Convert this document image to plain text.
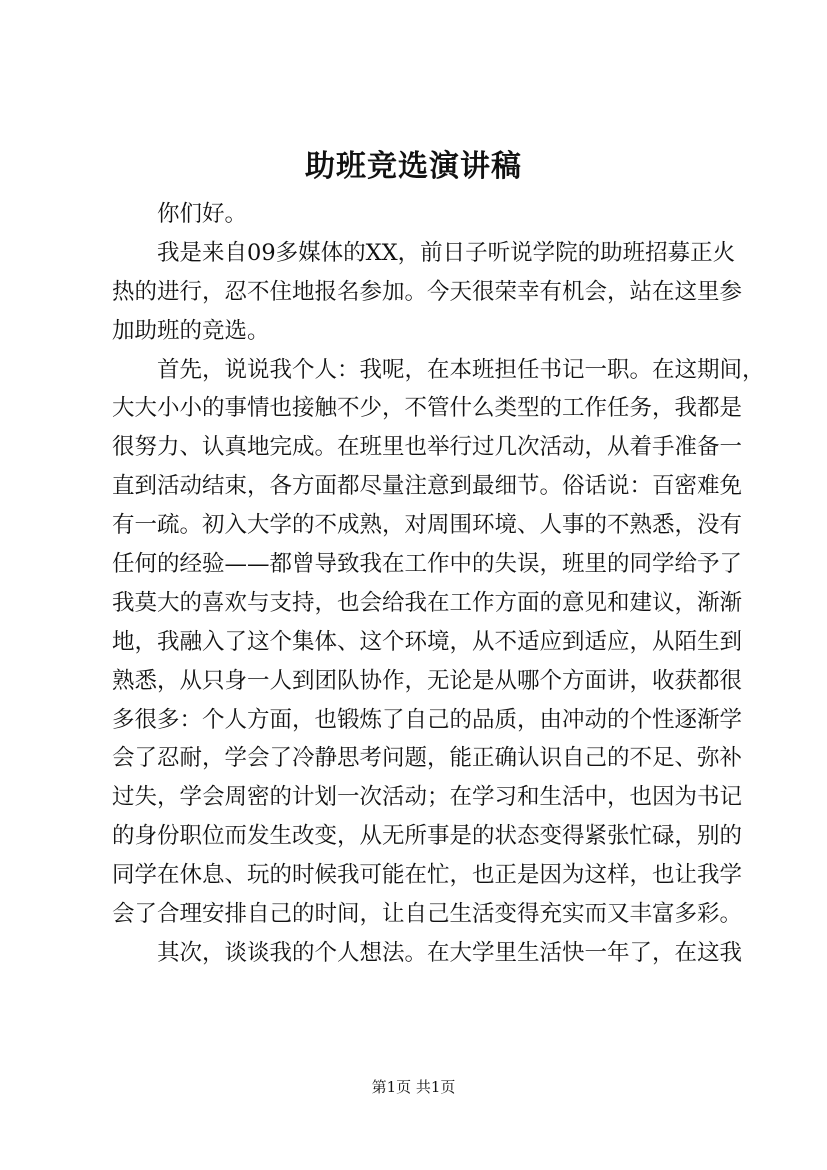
助班竞选演讲稿
你们好。
我是来自09多媒体的XX，前日子听说学院的助班招募正火
热的进行，忍不住地报名参加。今天很荣幸有机会，站在这里参
加助班的竞选。
首先，说说我个人：我呢，在本班担任书记一职。在这期间，
大大小小的事情也接触不少，不管什么类型的工作任务，我都是
很努力、认真地完成。在班里也举行过几次活动，从着手准备一
直到活动结束，各方面都尽量注意到最细节。俗话说：百密难免
有一疏。初入大学的不成熟，对周围环境、人事的不熟悉，没有
任何的经验——都曾导致我在工作中的失误，班里的同学给予了
我莫大的喜欢与支持，也会给我在工作方面的意见和建议，渐渐
地，我融入了这个集体、这个环境，从不适应到适应，从陌生到
熟悉，从只身一人到团队协作，无论是从哪个方面讲，收获都很
多很多：个人方面，也锻炼了自己的品质，由冲动的个性逐渐学
会了忍耐，学会了冷静思考问题，能正确认识自己的不足、弥补
过失，学会周密的计划一次活动；在学习和生活中，也因为书记
的身份职位而发生改变，从无所事是的状态变得紧张忙碌，别的
同学在休息、玩的时候我可能在忙，也正是因为这样，也让我学
会了合理安排自己的时间，让自己生活变得充实而又丰富多彩。
其次，谈谈我的个人想法。在大学里生活快一年了，在这我
第1页 共1页
